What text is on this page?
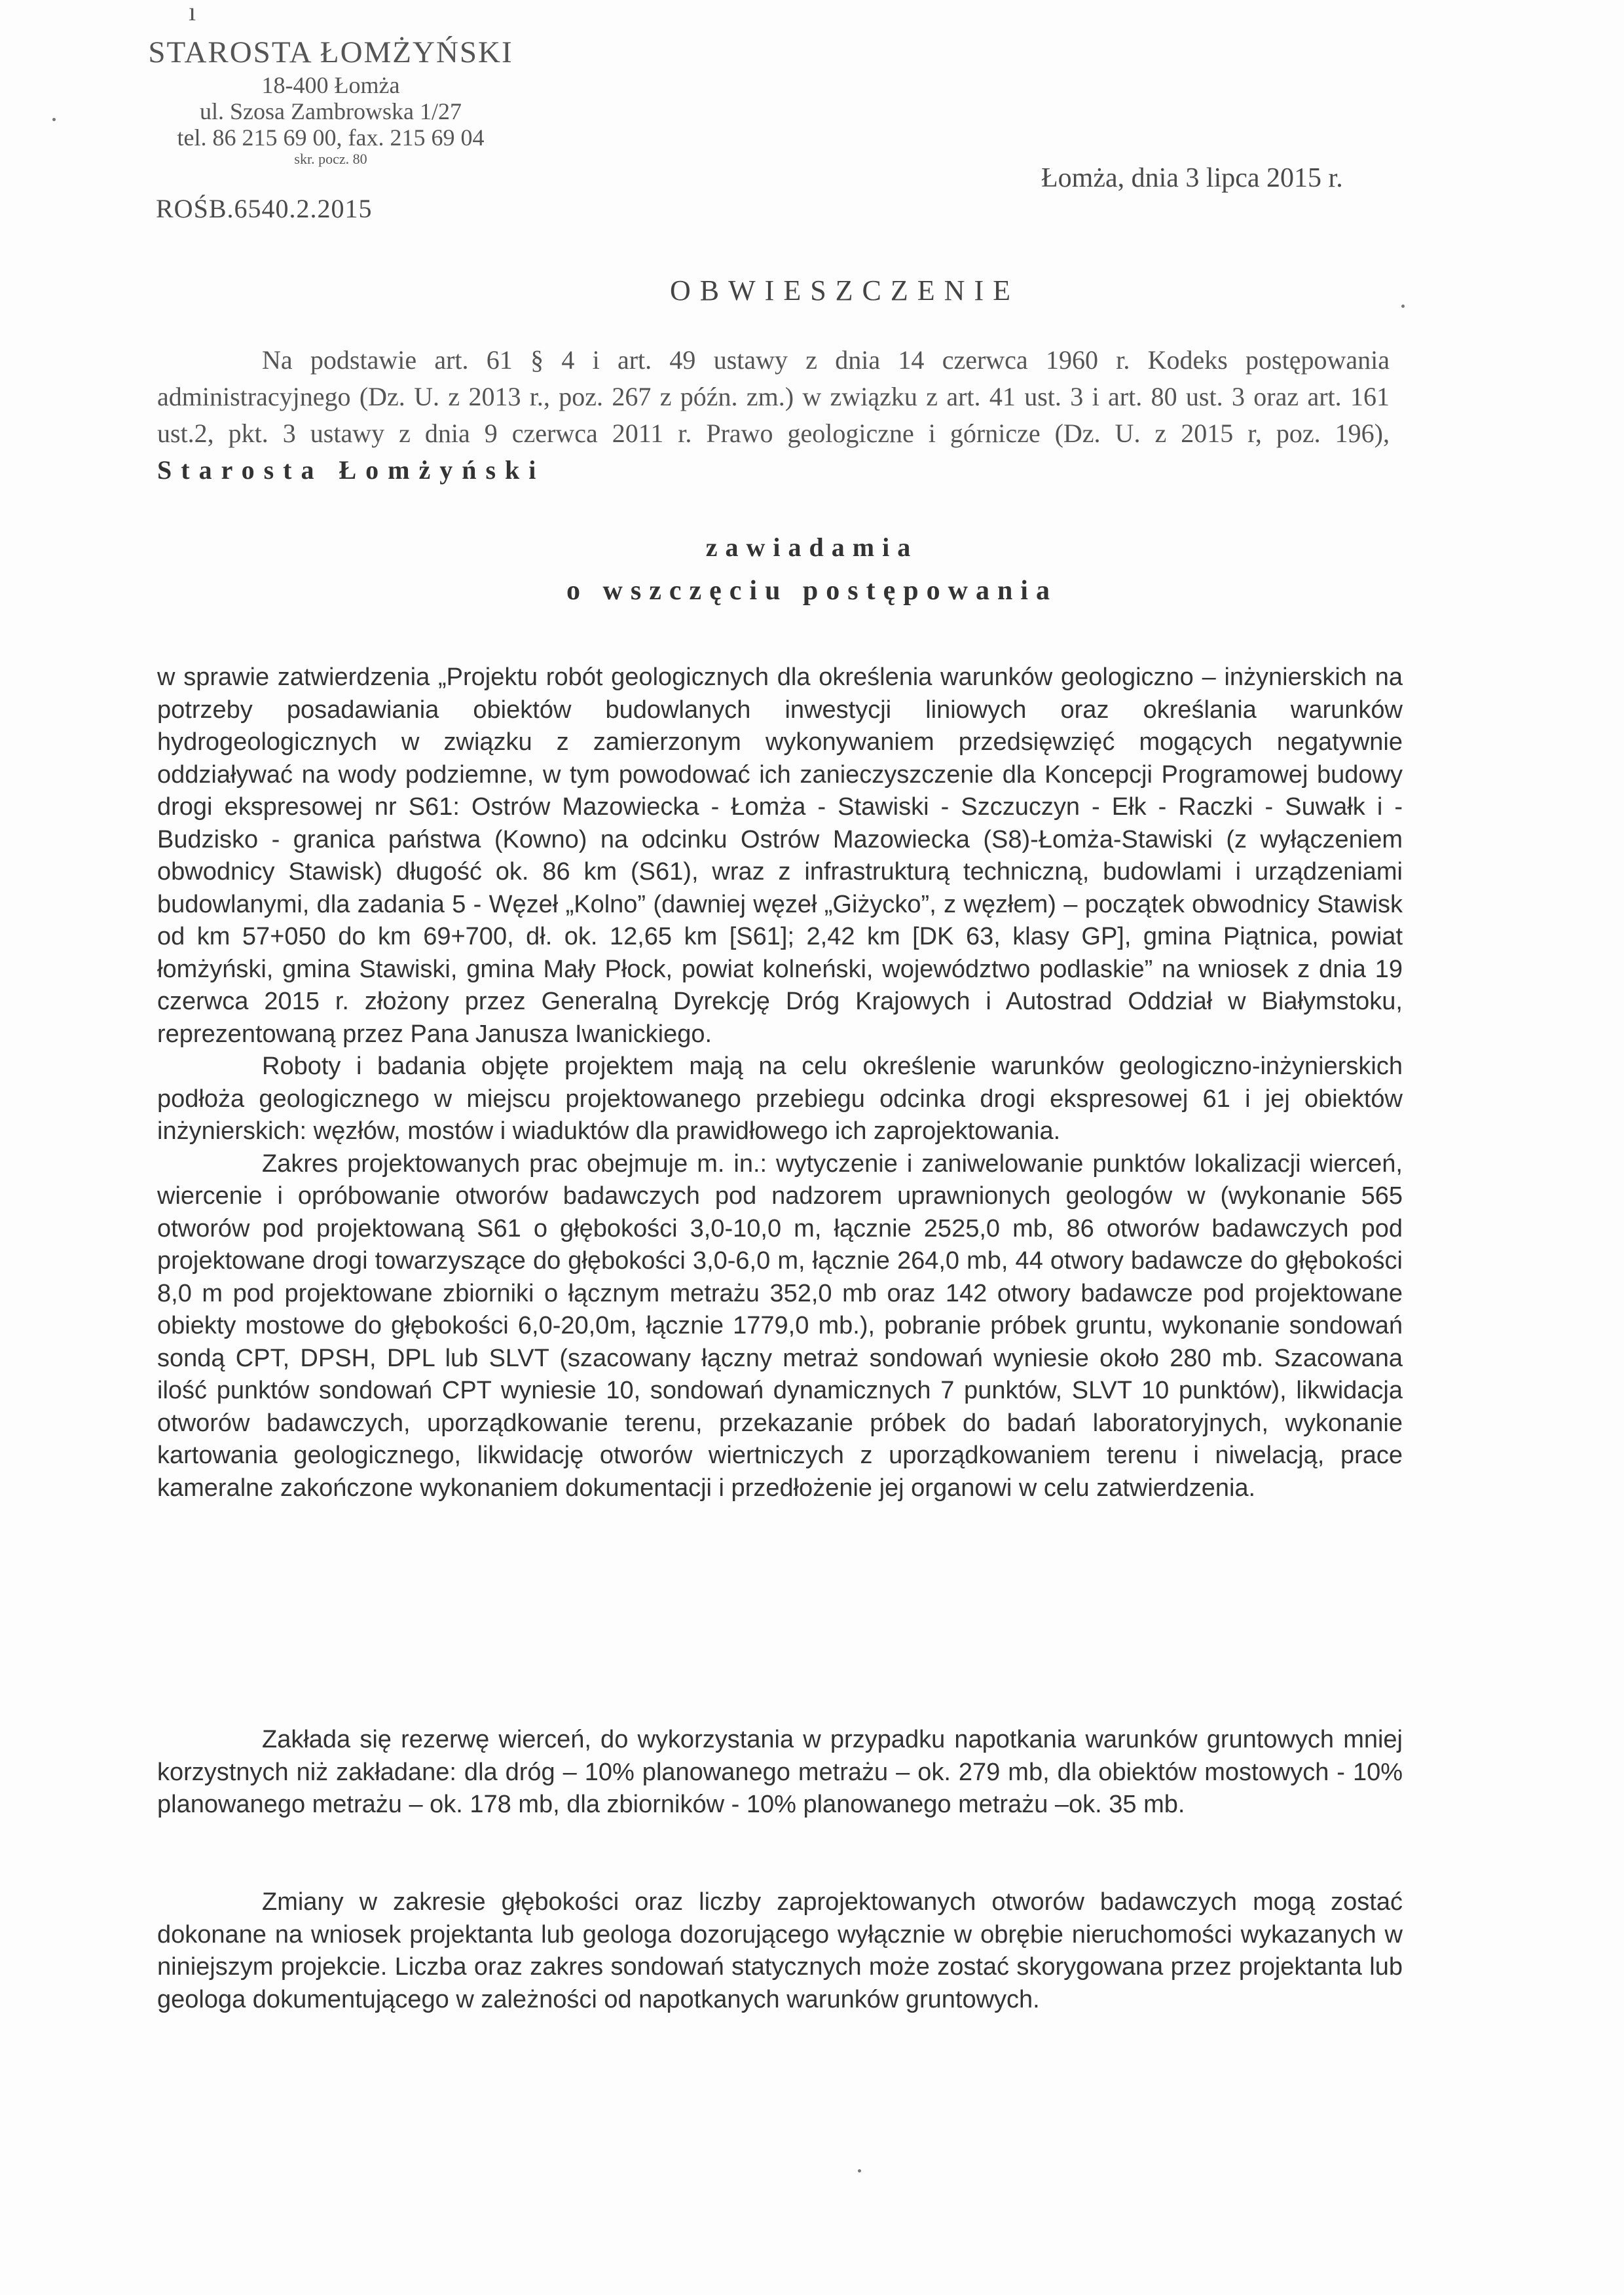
ı
STAROSTA ŁOMŻYŃSKI
18-400 Łomża
ul. Szosa Zambrowska 1/27
tel. 86 215 69 00, fax. 215 69 04
skr. pocz. 80
Łomża, dnia 3 lipca 2015 r.
ROŚB.6540.2.2015
OBWIESZCZENIE
Na podstawie art. 61 § 4 i art. 49 ustawy z dnia 14 czerwca 1960 r. Kodeks postępowania administracyjnego (Dz. U. z 2013 r., poz. 267 z późn. zm.) w związku z art. 41 ust. 3 i art. 80 ust. 3 oraz art. 161 ust.2, pkt. 3 ustawy z dnia 9 czerwca 2011 r. Prawo geologiczne i górnicze (Dz. U. z 2015 r, poz. 196), Starosta Łomżyński
zawiadamia
o wszczęciu postępowania

w sprawie zatwierdzenia „Projektu robót geologicznych dla określenia warunków geologiczno – inżynierskich na potrzeby posadawiania obiektów budowlanych inwestycji liniowych oraz określania warunków hydrogeologicznych w związku z zamierzonym wykonywaniem przedsięwzięć mogących negatywnie oddziaływać na wody podziemne, w tym powodować ich zanieczyszczenie dla Koncepcji Programowej budowy drogi ekspresowej nr S61: Ostrów Mazowiecka - Łomża - Stawiski - Szczuczyn - Ełk - Raczki - Suwałk i - Budzisko - granica państwa (Kowno) na odcinku Ostrów Mazowiecka (S8)-Łomża-Stawiski (z wyłączeniem obwodnicy Stawisk) długość ok. 86 km (S61), wraz z infrastrukturą techniczną, budowlami i urządzeniami budowlanymi, dla zadania 5 - Węzeł „Kolno” (dawniej węzeł „Giżycko”, z węzłem) – początek obwodnicy Stawisk od km 57+050 do km 69+700, dł. ok. 12,65 km [S61]; 2,42 km [DK 63, klasy GP], gmina Piątnica, powiat łomżyński, gmina Stawiski, gmina Mały Płock, powiat kolneński, województwo podlaskie” na wniosek z dnia 19 czerwca 2015 r. złożony przez Generalną Dyrekcję Dróg Krajowych i Autostrad Oddział w Białymstoku, reprezentowaną przez Pana Janusza Iwanickiego.

Roboty i badania objęte projektem mają na celu określenie warunków geologiczno-inżynierskich podłoża geologicznego w miejscu projektowanego przebiegu odcinka drogi ekspresowej 61 i jej obiektów inżynierskich: węzłów, mostów i wiaduktów dla prawidłowego ich zaprojektowania.

Zakres projektowanych prac obejmuje m. in.: wytyczenie i zaniwelowanie punktów lokalizacji wierceń, wiercenie i opróbowanie otworów badawczych pod nadzorem uprawnionych geologów w (wykonanie 565 otworów pod projektowaną S61 o głębokości 3,0-10,0 m, łącznie 2525,0 mb, 86 otworów badawczych pod projektowane drogi towarzyszące do głębokości 3,0-6,0 m, łącznie 264,0 mb, 44 otwory badawcze do głębokości 8,0 m pod projektowane zbiorniki o łącznym metrażu 352,0 mb oraz 142 otwory badawcze pod projektowane obiekty mostowe do głębokości 6,0-20,0m, łącznie 1779,0 mb.), pobranie próbek gruntu, wykonanie sondowań sondą CPT, DPSH, DPL lub SLVT (szacowany łączny metraż sondowań wyniesie około 280 mb. Szacowana ilość punktów sondowań CPT wyniesie 10, sondowań dynamicznych 7 punktów, SLVT 10 punktów), likwidacja otworów badawczych, uporządkowanie terenu, przekazanie próbek do badań laboratoryjnych, wykonanie kartowania geologicznego, likwidację otworów wiertniczych z uporządkowaniem terenu i niwelacją, prace kameralne zakończone wykonaniem dokumentacji i przedłożenie jej organowi w celu zatwierdzenia.

Zakłada się rezerwę wierceń, do wykorzystania w przypadku napotkania warunków gruntowych mniej korzystnych niż zakładane: dla dróg – 10% planowanego metrażu – ok. 279 mb, dla obiektów mostowych - 10% planowanego metrażu – ok. 178 mb, dla zbiorników - 10% planowanego metrażu –ok. 35 mb.

Zmiany w zakresie głębokości oraz liczby zaprojektowanych otworów badawczych mogą zostać dokonane na wniosek projektanta lub geologa dozorującego wyłącznie w obrębie nieruchomości wykazanych w niniejszym projekcie. Liczba oraz zakres sondowań statycznych może zostać skorygowana przez projektanta lub geologa dokumentującego w zależności od napotkanych warunków gruntowych.
